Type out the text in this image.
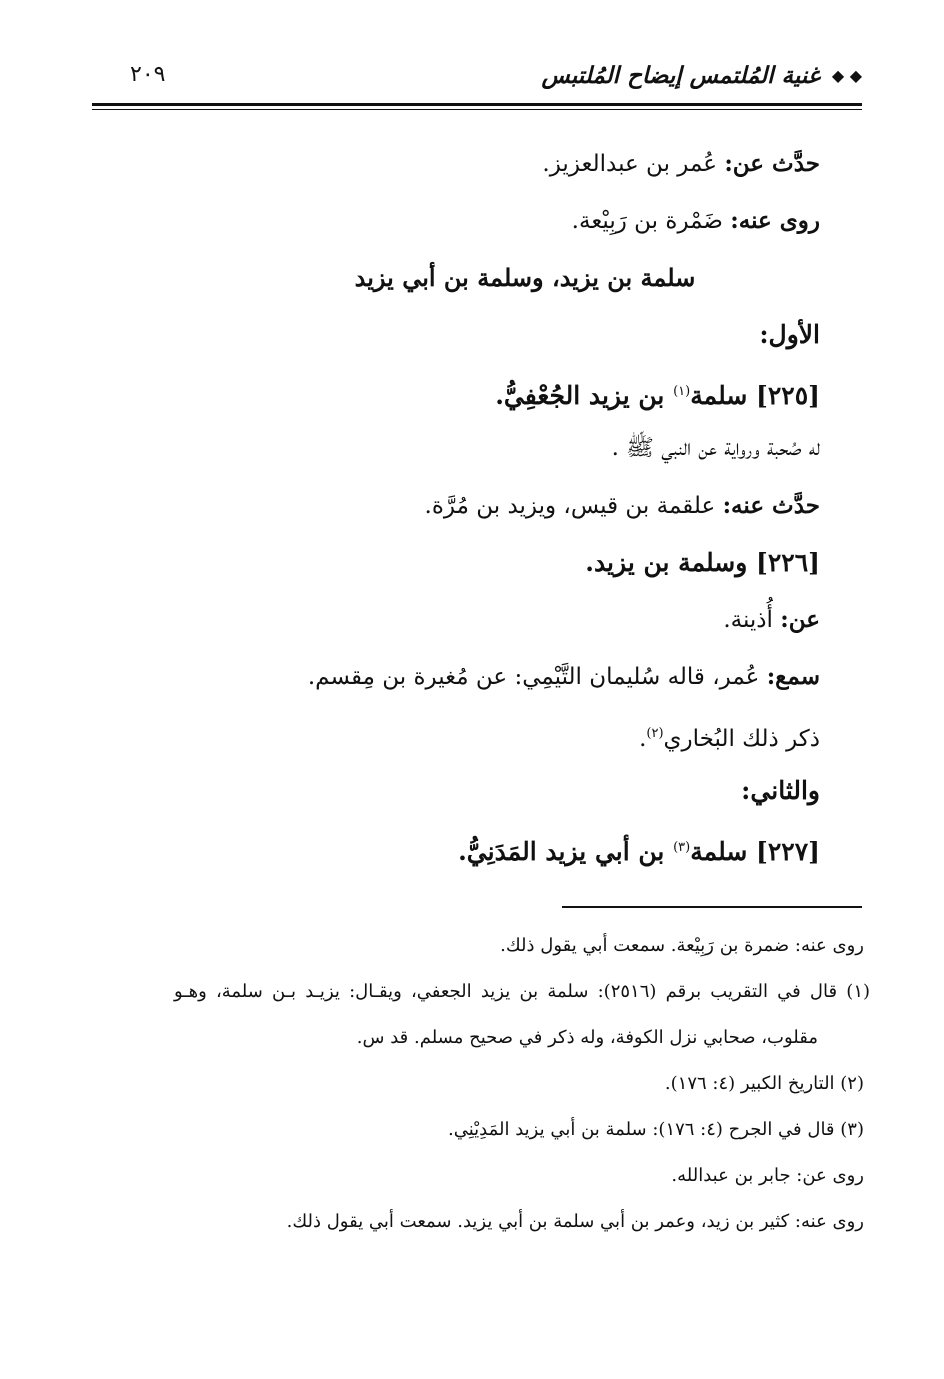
◆ ◆ غنية المُلتمس إيضاح المُلتبس
٢٠٩
حدَّث عن: عُمر بن عبدالعزيز.
روى عنه: ضَمْرة بن رَبِيْعة.
سلمة بن يزيد، وسلمة بن أبي يزيد
الأول:
[٢٢٥] سلمة$^{(١)}$ بن يزيد الجُعْفِيُّ.
له صُحبة ورواية عن النبي ﷺ .
حدَّث عنه: علقمة بن قيس، ويزيد بن مُرَّة.
[٢٢٦] وسلمة بن يزيد.
عن: أُذينة.
سمع: عُمر، قاله سُليمان التَّيْمِي: عن مُغيرة بن مِقسم.
ذكر ذلك البُخاري$^{(٢)}$.
والثاني:
[٢٢٧] سلمة$^{(٣)}$ بن أبي يزيد المَدَنِيُّ.
روى عنه: ضمرة بن رَبِيْعة. سمعت أبي يقول ذلك.
(١) قال في التقريب برقم (٢٥١٦): سلمة بن يزيد الجعفي، ويقـال: يزيـد بـن سلمة، وهـو
مقلوب، صحابي نزل الكوفة، وله ذكر في صحيح مسلم. قد س.
(٢) التاريخ الكبير (٤: ١٧٦).
(٣) قال في الجرح (٤: ١٧٦): سلمة بن أبي يزيد المَدِيْنِي.
روى عن: جابر بن عبدالله.
روى عنه: كثير بن زيد، وعمر بن أبي سلمة بن أبي يزيد. سمعت أبي يقول ذلك.
